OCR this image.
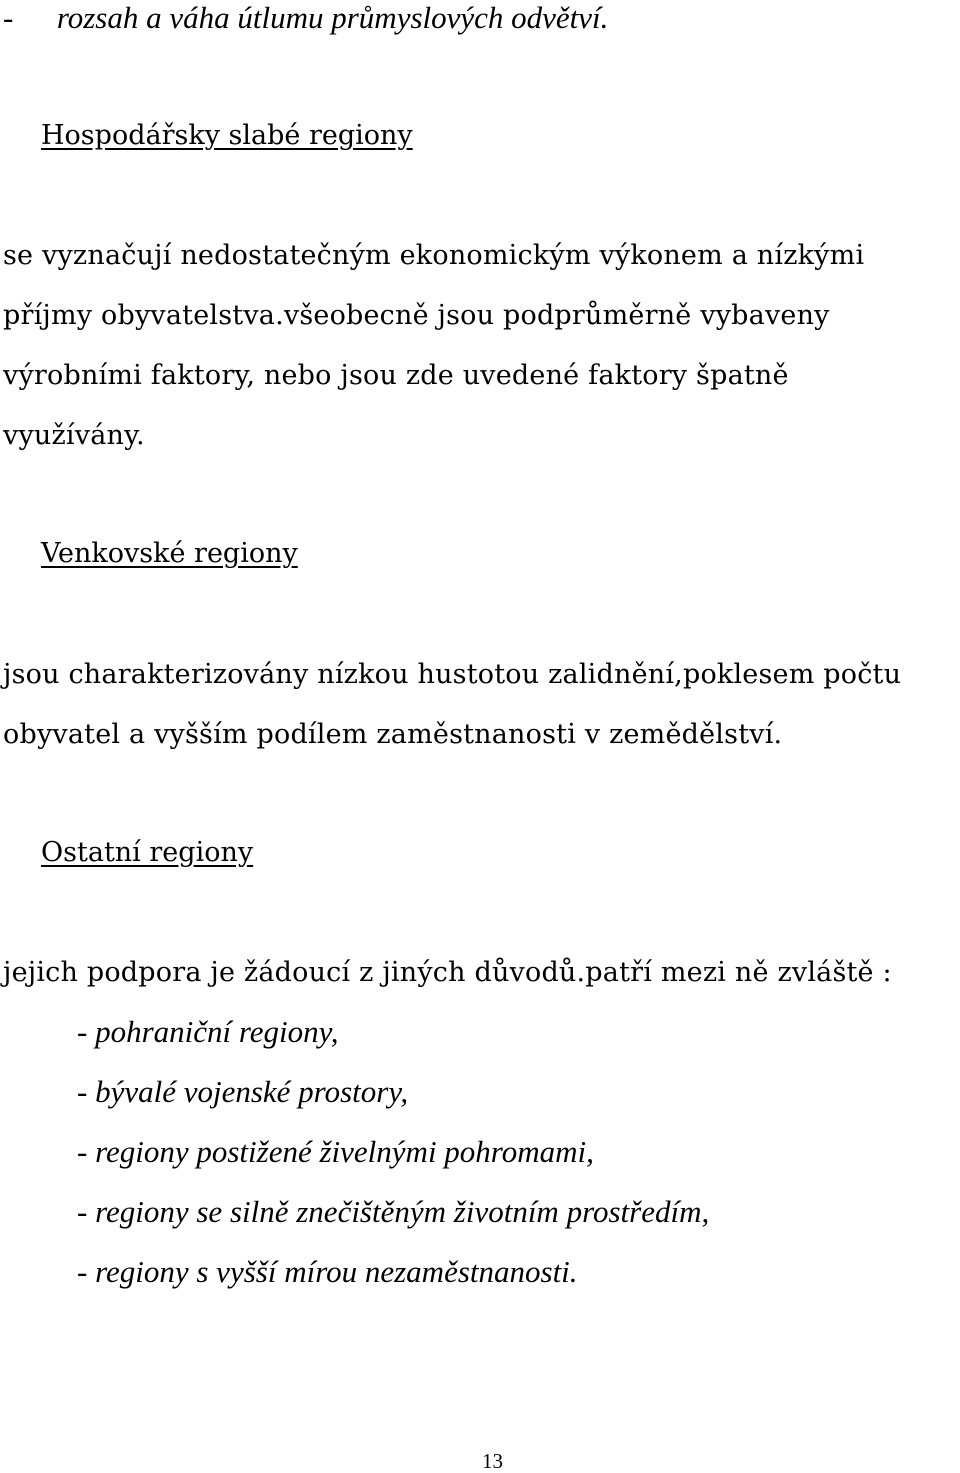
- rozsah a váha útlumu průmyslových odvětví.
Hospodářsky slabé regiony
se vyznačují nedostatečným ekonomickým výkonem a nízkými
příjmy obyvatelstva.všeobecně jsou podprůměrně vybaveny
výrobními faktory, nebo jsou zde uvedené faktory špatně
využívány.
Venkovské regiony
jsou charakterizovány nízkou hustotou zalidnění,poklesem počtu
obyvatel a vyšším podílem zaměstnanosti v zemědělství.
Ostatní regiony
jejich podpora je žádoucí z jiných důvodů.patří mezi ně zvláště :
- pohraniční regiony,
- bývalé vojenské prostory,
- regiony postižené živelnými pohromami,
- regiony se silně znečištěným životním prostředím,
- regiony s vyšší mírou nezaměstnanosti.
13
